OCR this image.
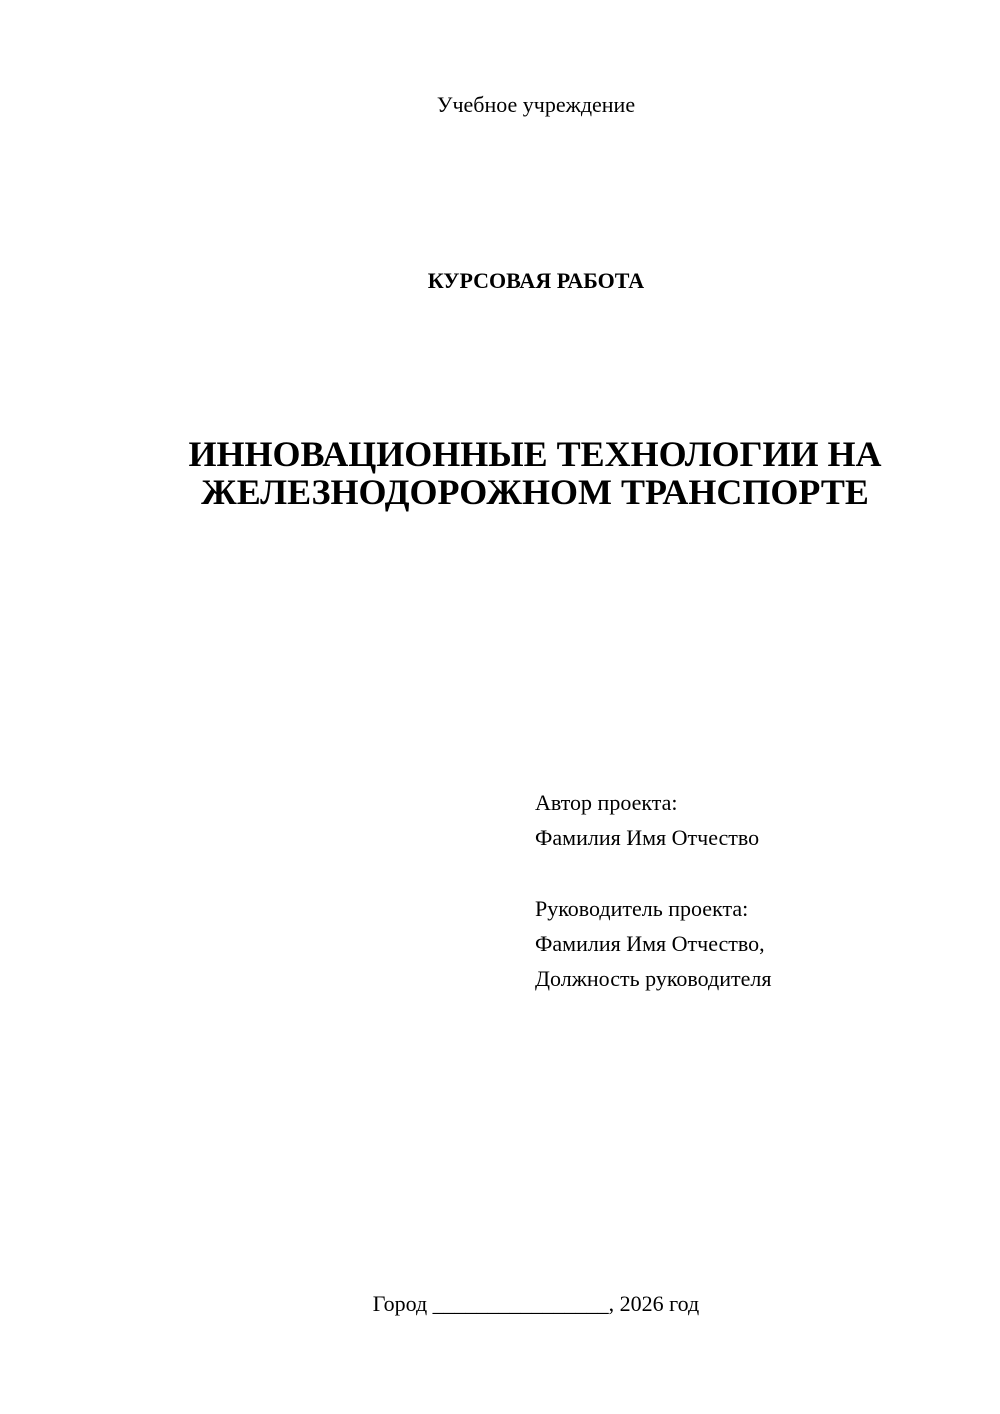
Учебное учреждение
КУРСОВАЯ РАБОТА
ИННОВАЦИОННЫЕ ТЕХНОЛОГИИ НА
ЖЕЛЕЗНОДОРОЖНОМ ТРАНСПОРТЕ
Автор проекта:
Фамилия Имя Отчество
Руководитель проекта:
Фамилия Имя Отчество,
Должность руководителя
Город ________________, 2026 год
